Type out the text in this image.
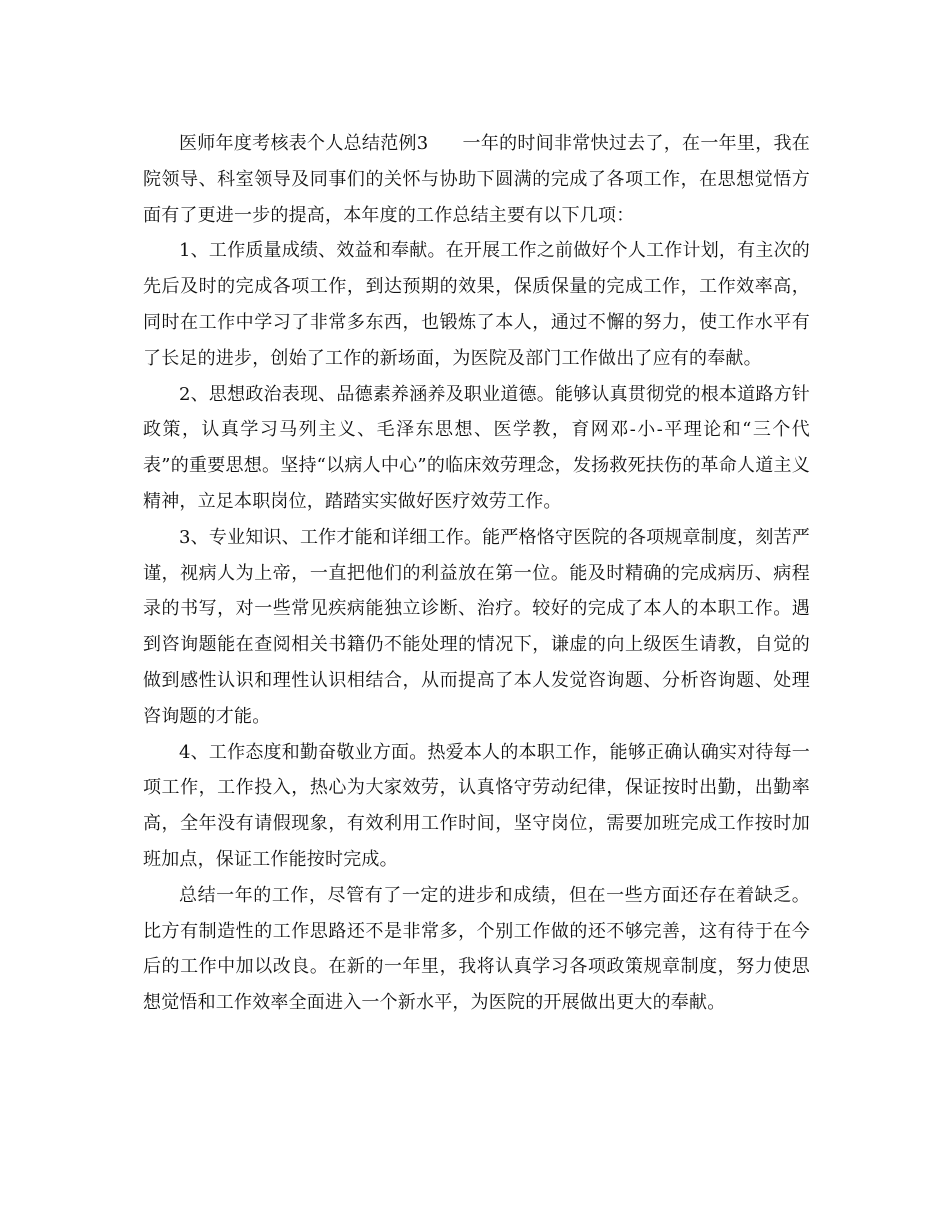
医师年度考核表个人总结范例3 一年的时间非常快过去了，在一年里，我在院领导、科室领导及同事们的关怀与协助下圆满的完成了各项工作，在思想觉悟方面有了更进一步的提高，本年度的工作总结主要有以下几项：

1、工作质量成绩、效益和奉献。在开展工作之前做好个人工作计划，有主次的先后及时的完成各项工作，到达预期的效果，保质保量的完成工作，工作效率高，同时在工作中学习了非常多东西，也锻炼了本人，通过不懈的努力，使工作水平有了长足的进步，创始了工作的新场面，为医院及部门工作做出了应有的奉献。

2、思想政治表现、品德素养涵养及职业道德。能够认真贯彻党的根本道路方针政策，认真学习马列主义、毛泽东思想、医学教，育网邓-小-平理论和“三个代表”的重要思想。坚持“以病人中心”的临床效劳理念，发扬救死扶伤的革命人道主义精神，立足本职岗位，踏踏实实做好医疗效劳工作。

3、专业知识、工作才能和详细工作。能严格恪守医院的各项规章制度，刻苦严谨，视病人为上帝，一直把他们的利益放在第一位。能及时精确的完成病历、病程录的书写，对一些常见疾病能独立诊断、治疗。较好的完成了本人的本职工作。遇到咨询题能在查阅相关书籍仍不能处理的情况下，谦虚的向上级医生请教，自觉的做到感性认识和理性认识相结合，从而提高了本人发觉咨询题、分析咨询题、处理咨询题的才能。

4、工作态度和勤奋敬业方面。热爱本人的本职工作，能够正确认确实对待每一项工作，工作投入，热心为大家效劳，认真恪守劳动纪律，保证按时出勤，出勤率高，全年没有请假现象，有效利用工作时间，坚守岗位，需要加班完成工作按时加班加点，保证工作能按时完成。

总结一年的工作，尽管有了一定的进步和成绩，但在一些方面还存在着缺乏。比方有制造性的工作思路还不是非常多，个别工作做的还不够完善，这有待于在今后的工作中加以改良。在新的一年里，我将认真学习各项政策规章制度，努力使思想觉悟和工作效率全面进入一个新水平，为医院的开展做出更大的奉献。
